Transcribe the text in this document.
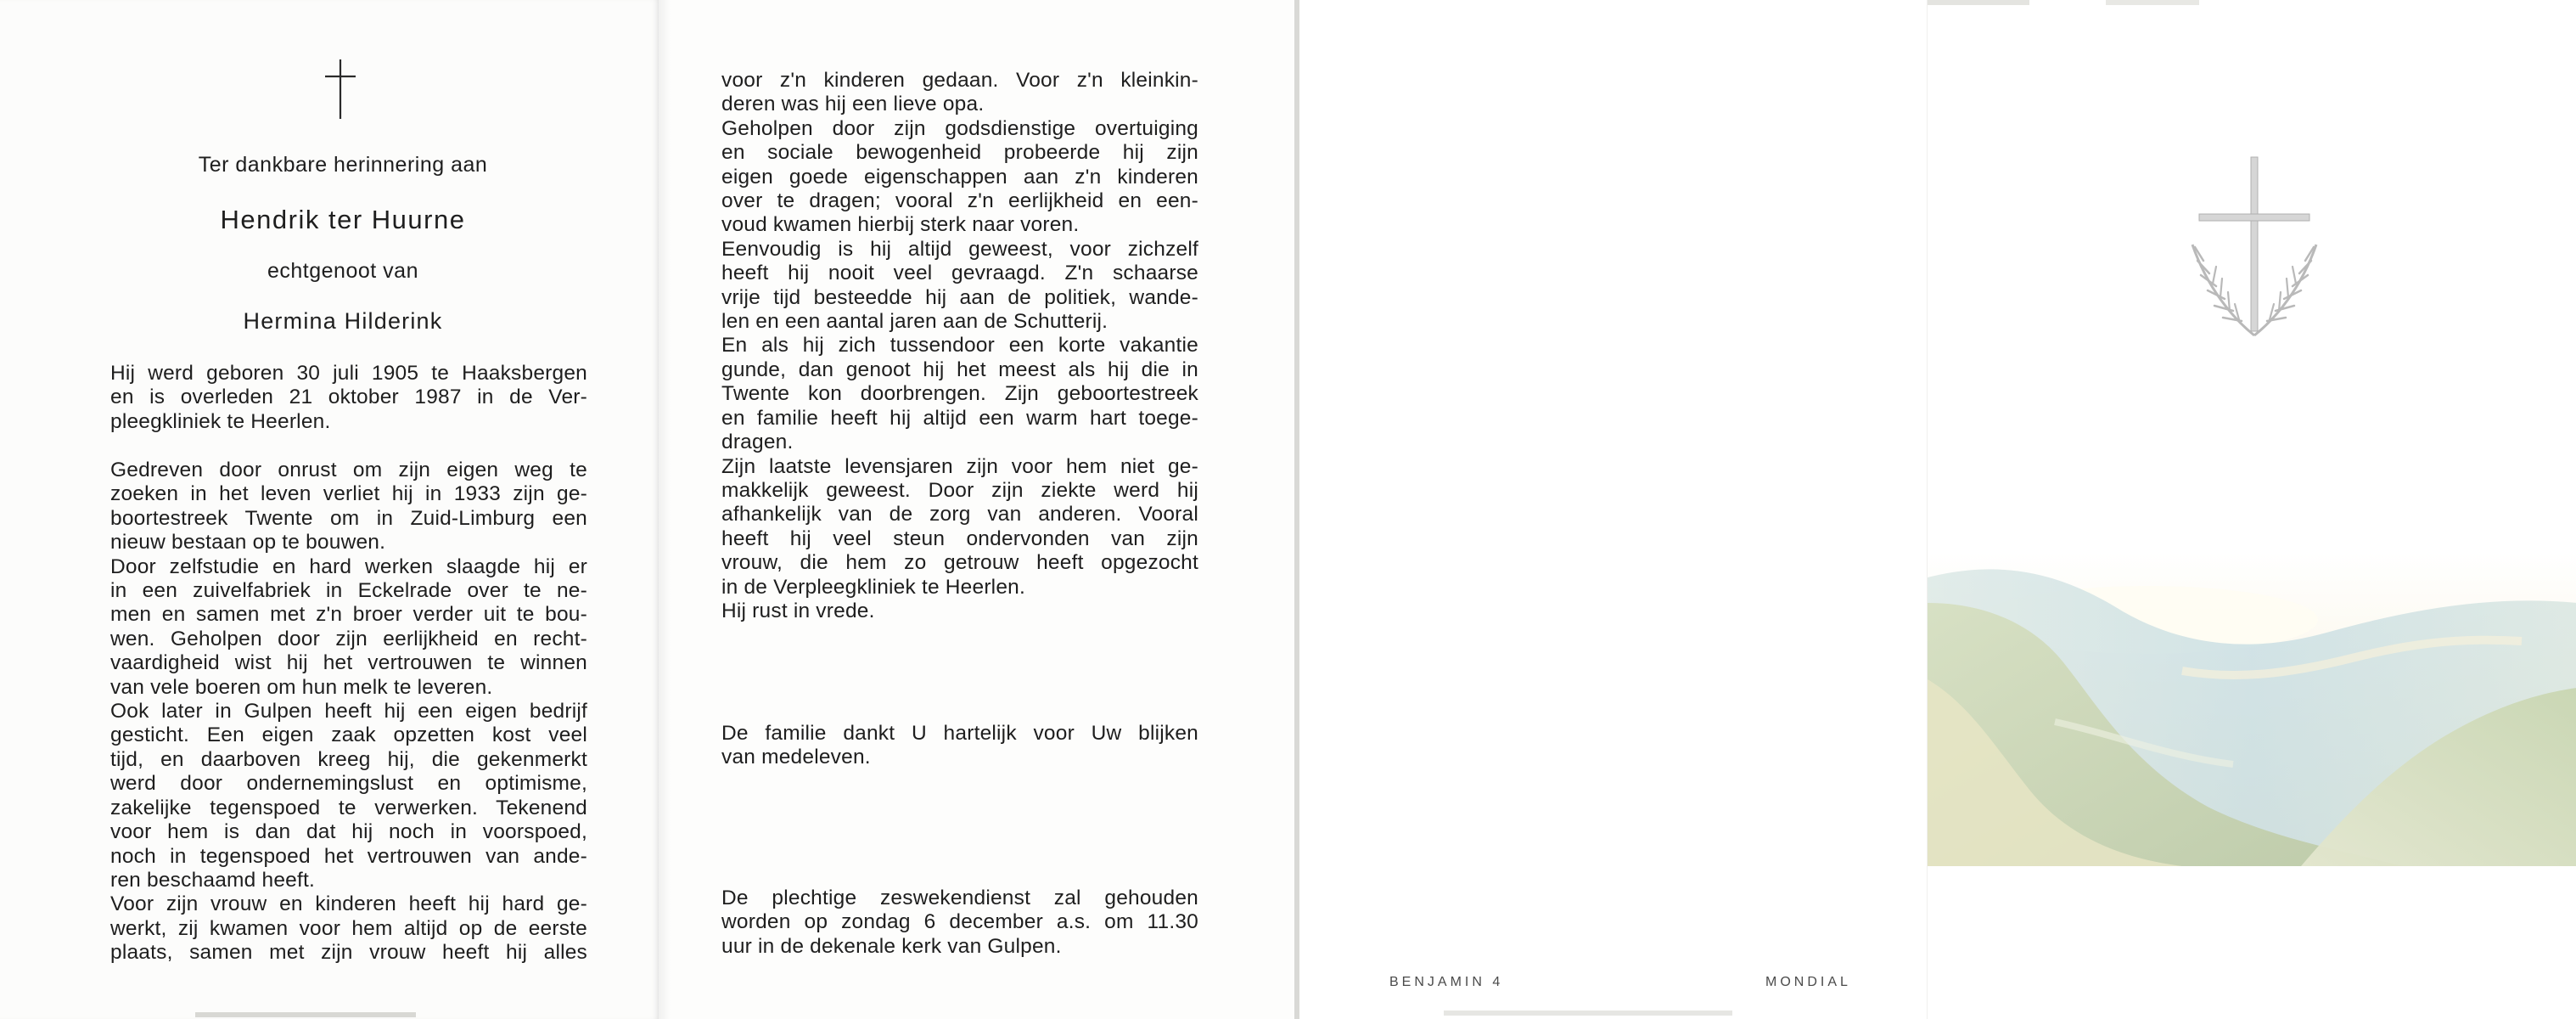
Ter dankbare herinnering aan
Hendrik ter Huurne
echtgenoot van
Hermina Hilderink
Hij werd geboren 30 juli 1905 te Haaksbergen
en is overleden 21 oktober 1987 in de Ver-
pleegkliniek te Heerlen.
Gedreven door onrust om zijn eigen weg te
zoeken in het leven verliet hij in 1933 zijn ge-
boortestreek Twente om in Zuid-Limburg een
nieuw bestaan op te bouwen.
Door zelfstudie en hard werken slaagde hij er
in een zuivelfabriek in Eckelrade over te ne-
men en samen met z'n broer verder uit te bou-
wen. Geholpen door zijn eerlijkheid en recht-
vaardigheid wist hij het vertrouwen te winnen
van vele boeren om hun melk te leveren.
Ook later in Gulpen heeft hij een eigen bedrijf
gesticht. Een eigen zaak opzetten kost veel
tijd, en daarboven kreeg hij, die gekenmerkt
werd door ondernemingslust en optimisme,
zakelijke tegenspoed te verwerken. Tekenend
voor hem is dan dat hij noch in voorspoed,
noch in tegenspoed het vertrouwen van ande-
ren beschaamd heeft.
Voor zijn vrouw en kinderen heeft hij hard ge-
werkt, zij kwamen voor hem altijd op de eerste
plaats, samen met zijn vrouw heeft hij alles
voor z'n kinderen gedaan. Voor z'n kleinkin-
deren was hij een lieve opa.
Geholpen door zijn godsdienstige overtuiging
en sociale bewogenheid probeerde hij zijn
eigen goede eigenschappen aan z'n kinderen
over te dragen; vooral z'n eerlijkheid en een-
voud kwamen hierbij sterk naar voren.
Eenvoudig is hij altijd geweest, voor zichzelf
heeft hij nooit veel gevraagd. Z'n schaarse
vrije tijd besteedde hij aan de politiek, wande-
len en een aantal jaren aan de Schutterij.
En als hij zich tussendoor een korte vakantie
gunde, dan genoot hij het meest als hij die in
Twente kon doorbrengen. Zijn geboortestreek
en familie heeft hij altijd een warm hart toege-
dragen.
Zijn laatste levensjaren zijn voor hem niet ge-
makkelijk geweest. Door zijn ziekte werd hij
afhankelijk van de zorg van anderen. Vooral
heeft hij veel steun ondervonden van zijn
vrouw, die hem zo getrouw heeft opgezocht
in de Verpleegkliniek te Heerlen.
Hij rust in vrede.
De familie dankt U hartelijk voor Uw blijken
van medeleven.
De plechtige zeswekendienst zal gehouden
worden op zondag 6 december a.s. om 11.30
uur in de dekenale kerk van Gulpen.
BENJAMIN 4	MONDIAL
